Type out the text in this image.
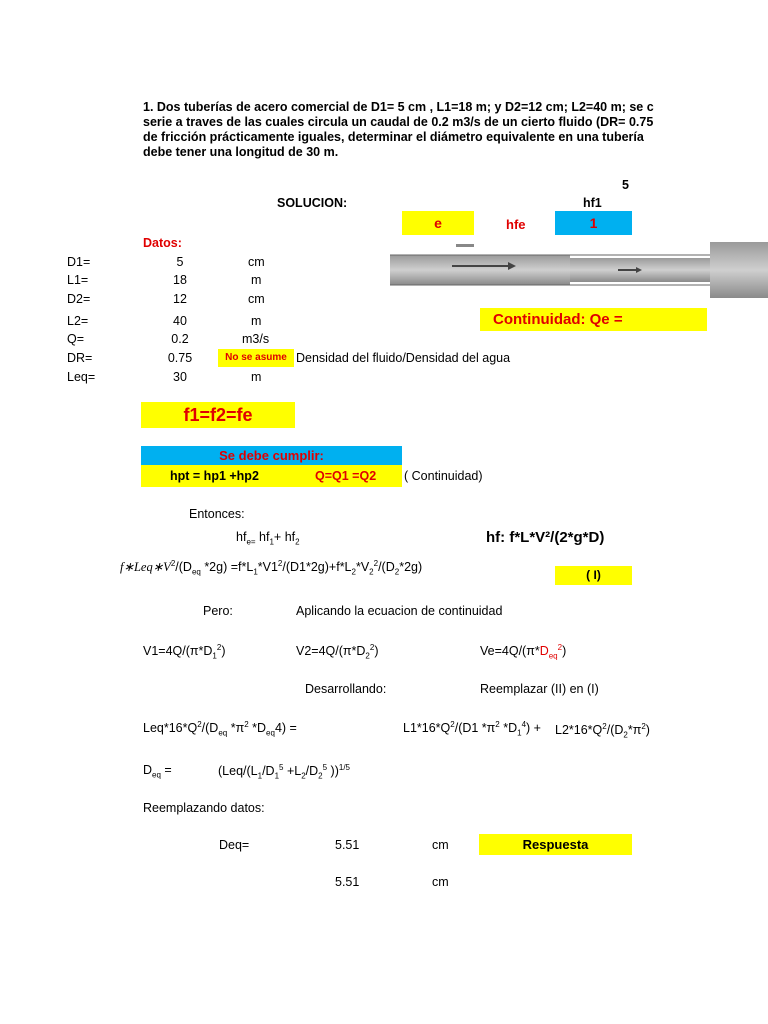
1. Dos tuberías de acero comercial de D1= 5 cm , L1=18 m; y D2=12 cm; L2=40 m; se c
serie a traves de las cuales circula un caudal de 0.2 m3/s de un cierto fluido (DR= 0.75
de fricción prácticamente iguales, determinar el diámetro equivalente en una tubería
debe tener una longitud de 30 m.
5
SOLUCION:	hf1
e	hfe	1
Datos:
D1=	5	cm
L1=	18	m
D2=	12	cm
L2=	40	m
Q=	0.2	m3/s
DR=	0.75	No se asume Densidad del fluido/Densidad del agua
Leq=	30	m
Continuidad: Qe =
f1=f2=fe
Se debe cumplir:
hpt = hp1 +hp2	Q=Q1 =Q2 ( Continuidad)
Entonces:
$hf_{e=}$ $hf_1+ hf_2$	hf: f*L*V²/(2*g*D)
$f∗Leq∗V^2/(D_{eq}$ $*2g) =f*L_1*V1^2/(D1*2g)+f*L_2*V_2^2/(D_2*2g)$
( I)
Pero:	Aplicando la ecuacion de continuidad
$V1=4Q/(\pi*D_1^2)$	$V2=4Q/(\pi*D_2^2)$	$Ve=4Q/(\pi*D_{eq}^2)$
Desarrollando:	Reemplazar (II) en (I)
$Leq*16*Q^2/(D_{eq}$ $*\pi^2$ $*D_{eq}4$) =	$L1*16*Q^2/(D1$ $*\pi^2$ $*D_1^4) + L2*16*Q^2/(D_2*\pi^2)$
$D_{eq}$ =	($Leq/(L_1/D_1^5 +L_2/D_2^5$ ))$^{1/5}$
Reemplazando datos:
Deq=	5.51	cm	Respuesta
5.51	cm
